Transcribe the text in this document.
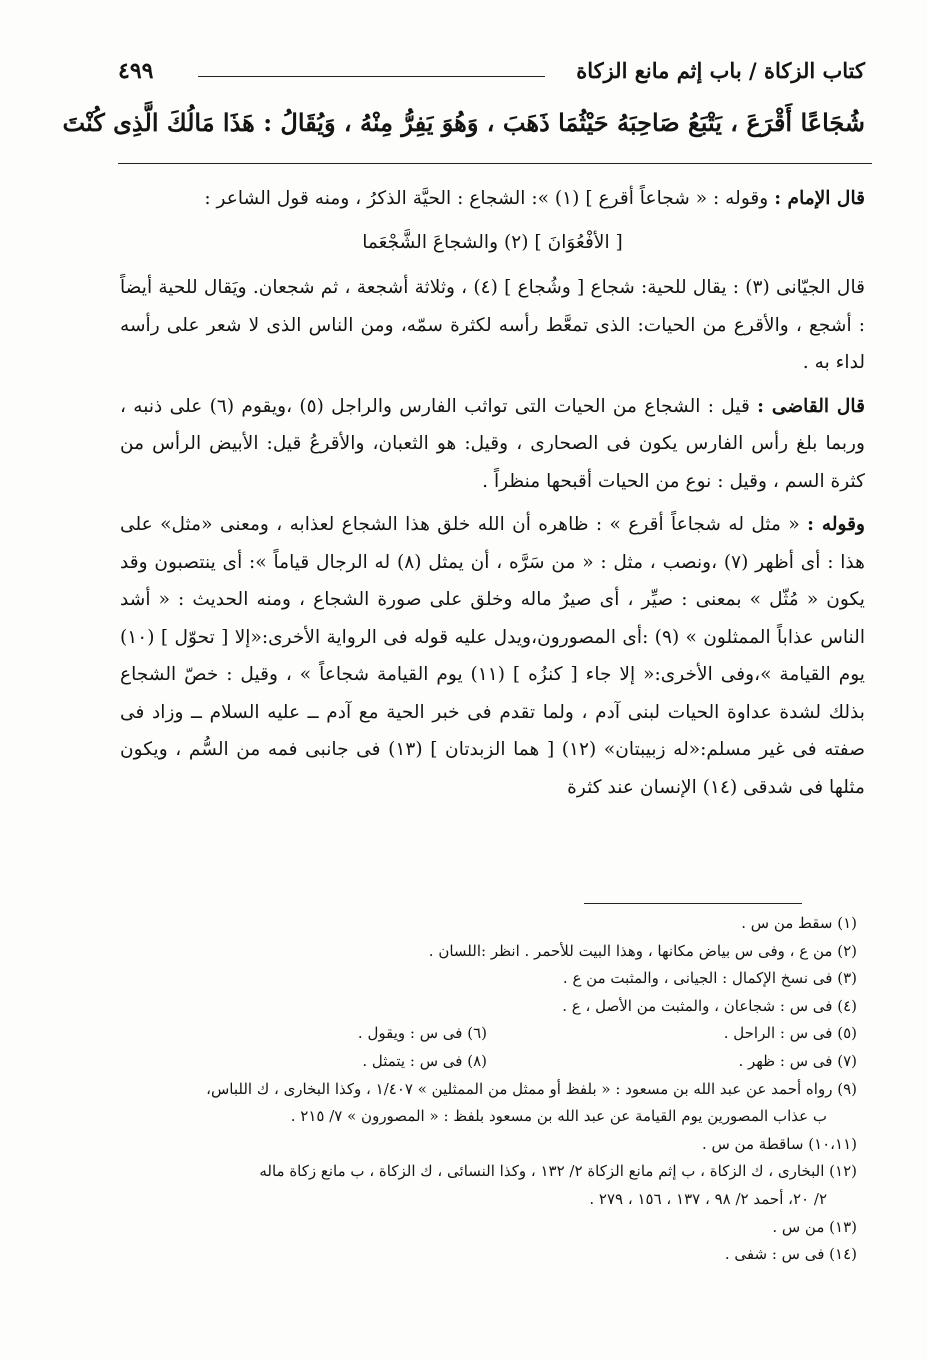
كتاب الزكاة / باب إثم مانع الزكاة
٤٩٩
شُجَاعًا أَقْرَعَ ، يَتْبَعُ صَاحِبَهُ حَيْثُمَا ذَهَبَ ، وَهُوَ يَفِرُّ مِنْهُ ، وَيُقَالُ : هَذَا مَالُكَ الَّذِى كُنْتَ

قال الإمام : وقوله : « شجاعاً أقرع ] (١) »: الشجاع : الحيَّة الذكرُ ، ومنه قول الشاعر :

[ الأفْعُوَانَ ] (٢) والشجاعَ الشَّجْعَما

قال الجيّانى (٣) : يقال للحية: شجاع [ وشُجاع ] (٤) ، وثلاثة أشجعة ، ثم شجعان. ويَقال للحية أيضاً : أشجع ، والأقرع من الحيات: الذى تمعَّط رأسه لكثرة سمّه، ومن الناس الذى لا شعر على رأسه لداء به .

قال القاضى : قيل : الشجاع من الحيات التى تواثب الفارس والراجل (٥) ،ويقوم (٦) على ذنبه ، وربما بلغ رأس الفارس يكون فى الصحارى ، وقيل: هو الثعبان، والأقرعُ قيل: الأبيض الرأس من كثرة السم ، وقيل : نوع من الحيات أقبحها منظراً .

وقوله : « مثل له شجاعاً أقرع » : ظاهره أن الله خلق هذا الشجاع لعذابه ، ومعنى «مثل» على هذا : أى أظهر (٧) ،ونصب ، مثل : « من سَرَّه ، أن يمثل (٨) له الرجال قياماً »: أى ينتصبون وقد يكون « مُثّل » بمعنى : صيِّر ، أى صيرٌ ماله وخلق على صورة الشجاع ، ومنه الحديث : « أشد الناس عذاباً الممثلون » (٩) :أى المصورون،ويدل عليه قوله فى الرواية الأخرى:«إلا [ تحوّل ] (١٠) يوم القيامة »،وفى الأخرى:« إلا جاء [ كنزُه ] (١١) يوم القيامة شجاعاً » ، وقيل : خصّ الشجاع بذلك لشدة عداوة الحيات لبنى آدم ، ولما تقدم فى خبر الحية مع آدم ــ عليه السلام ــ وزاد فى صفته فى غير مسلم:«له زبيبتان» (١٢) [ هما الزبدتان ] (١٣) فى جانبى فمه من السُّم ، ويكون مثلها فى شدقى (١٤) الإنسان عند كثرة

(١) سقط من س .

(٢) من ع ، وفى س بياض مكانها ، وهذا البيت للأحمر . انظر :اللسان .

(٣) فى نسخ الإكمال : الجيانى ، والمثبت من ع .

(٤) فى س : شجاعان ، والمثبت من الأصل ، ع .

(٥) فى س : الراحل .

(٦) فى س : ويقول .

(٧) فى س : ظهر .

(٨) فى س : يتمثل .

(٩) رواه أحمد عن عبد الله بن مسعود : « بلفظ أو ممثل من الممثلين » ١/٤٠٧ ، وكذا البخارى ، ك اللباس،

ب عذاب المصورين يوم القيامة عن عبد الله بن مسعود بلفظ : « المصورون » ٧/ ٢١٥ .

(١٠،١١) ساقطة من س .

(١٢) البخارى ، ك الزكاة ، ب إثم مانع الزكاة ٢/ ١٣٢ ، وكذا النسائى ، ك الزكاة ، ب مانع زكاة ماله

٢/ ٢٠، أحمد ٢/ ٩٨ ، ١٣٧ ، ١٥٦ ، ٢٧٩ .

(١٣) من س .

(١٤) فى س : شفى .
